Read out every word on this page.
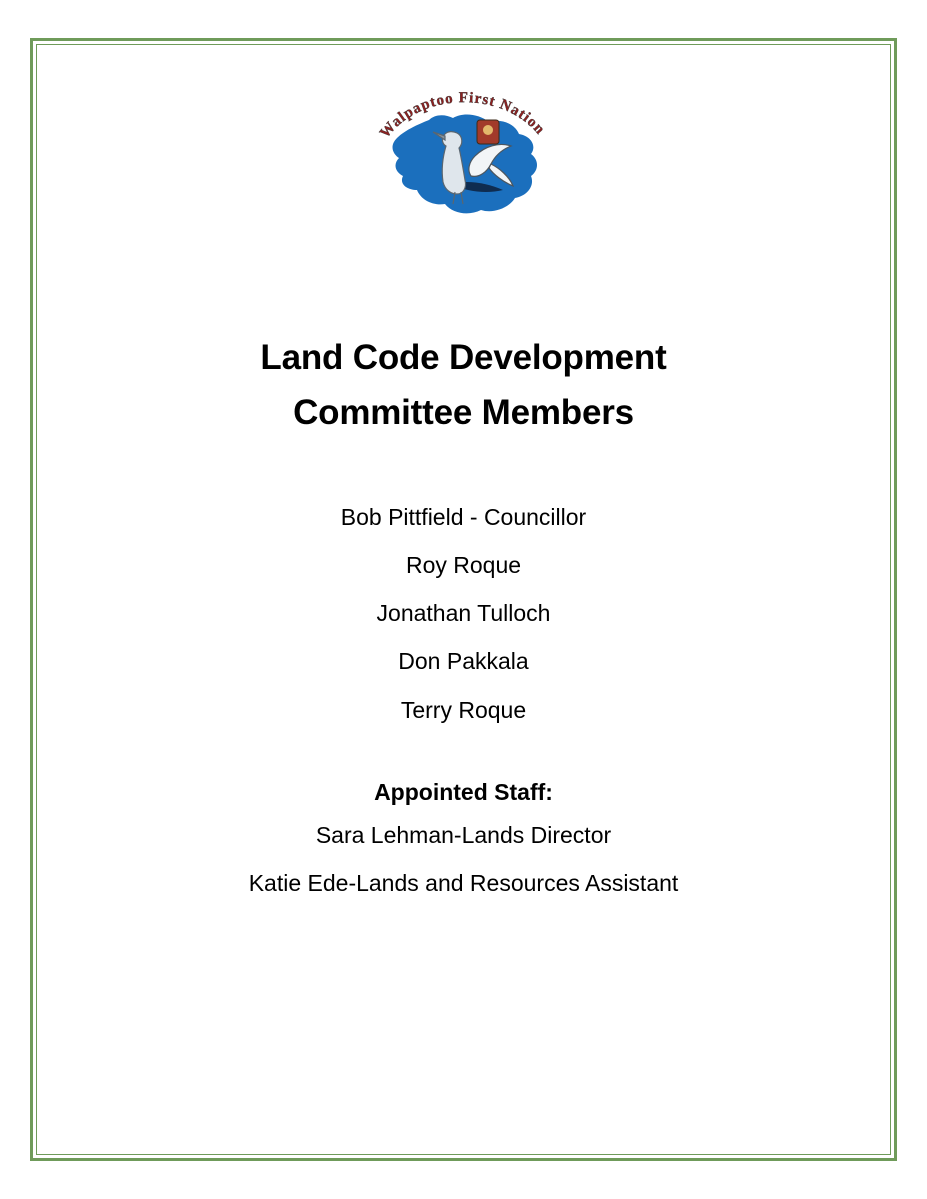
Walpaptoo First Nation
Land Code Development
Committee Members
Bob Pittfield - Councillor
Roy Roque
Jonathan Tulloch
Don Pakkala
Terry Roque
Appointed Staff:
Sara Lehman-Lands Director
Katie Ede-Lands and Resources Assistant
